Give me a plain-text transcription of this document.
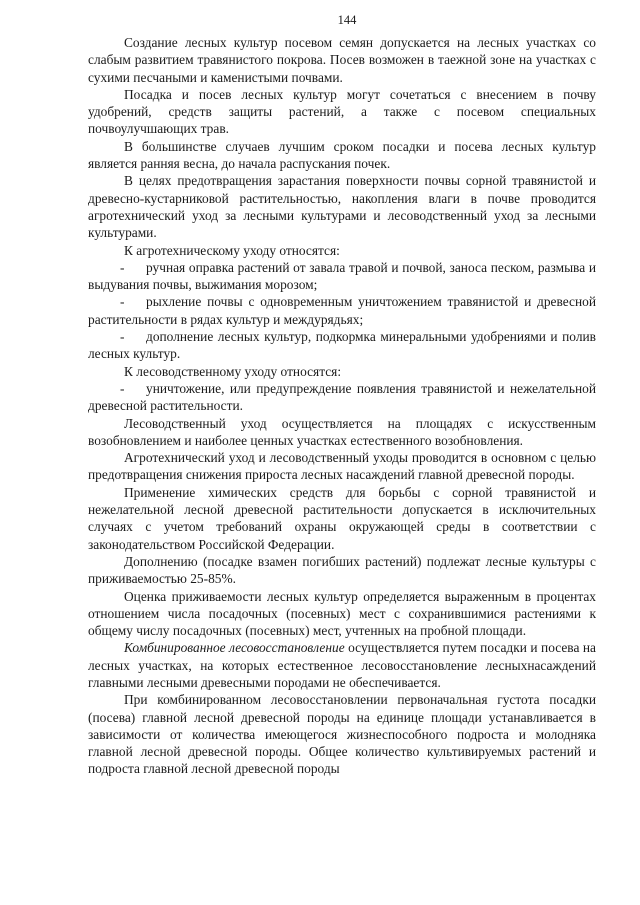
144

Создание лесных культур посевом семян допускается на лесных участках со слабым развитием травянистого покрова. Посев возможен в таежной зоне на участках с сухими песчаными и каменистыми почвами.

Посадка и посев лесных культур могут сочетаться с внесением в почву удобрений, средств защиты растений, а также с посевом специальных почвоулучшающих трав.

В большинстве случаев лучшим сроком посадки и посева лесных культур является ранняя весна, до начала распускания почек.

В целях предотвращения зарастания поверхности почвы сорной травянистой и древесно-кустарниковой растительностью, накопления влаги в почве проводится агротехнический уход за лесными культурами и лесоводственный уход за лесными культурами.

К агротехническому уходу относятся:

- ручная оправка растений от завала травой и почвой, заноса песком, размыва и выдувания почвы, выжимания морозом;

- рыхление почвы с одновременным уничтожением травянистой и древесной растительности в рядах культур и междурядьях;

- дополнение лесных культур, подкормка минеральными удобрениями и полив лесных культур.

К лесоводственному уходу относятся:

- уничтожение, или предупреждение появления травянистой и нежелательной древесной растительности.

Лесоводственный уход осуществляется на площадях с искусственным возобновлением и наиболее ценных участках естественного возобновления.

Агротехнический уход и лесоводственный уходы проводится в основном с целью предотвращения снижения прироста лесных насаждений главной древесной породы.

Применение химических средств для борьбы с сорной травянистой и нежелательной лесной древесной растительности допускается в исключительных случаях с учетом требований охраны окружающей среды в соответствии с законодательством Российской Федерации.

Дополнению (посадке взамен погибших растений) подлежат лесные культуры с приживаемостью 25-85%.

Оценка приживаемости лесных культур определяется выраженным в процентах отношением числа посадочных (посевных) мест с сохранившимися растениями к общему числу посадочных (посевных) мест, учтенных на пробной площади.

Комбинированное лесовосстановление осуществляется путем посадки и посева на лесных участках, на которых естественное лесовосстановление лесныхнасаждений главными лесными древесными породами не обеспечивается.

При комбинированном лесовосстановлении первоначальная густота посадки (посева) главной лесной древесной породы на единице площади устанавливается в зависимости от количества имеющегося жизнеспособного подроста и молодняка главной лесной древесной породы. Общее количество культивируемых растений и подроста главной лесной древесной породы
